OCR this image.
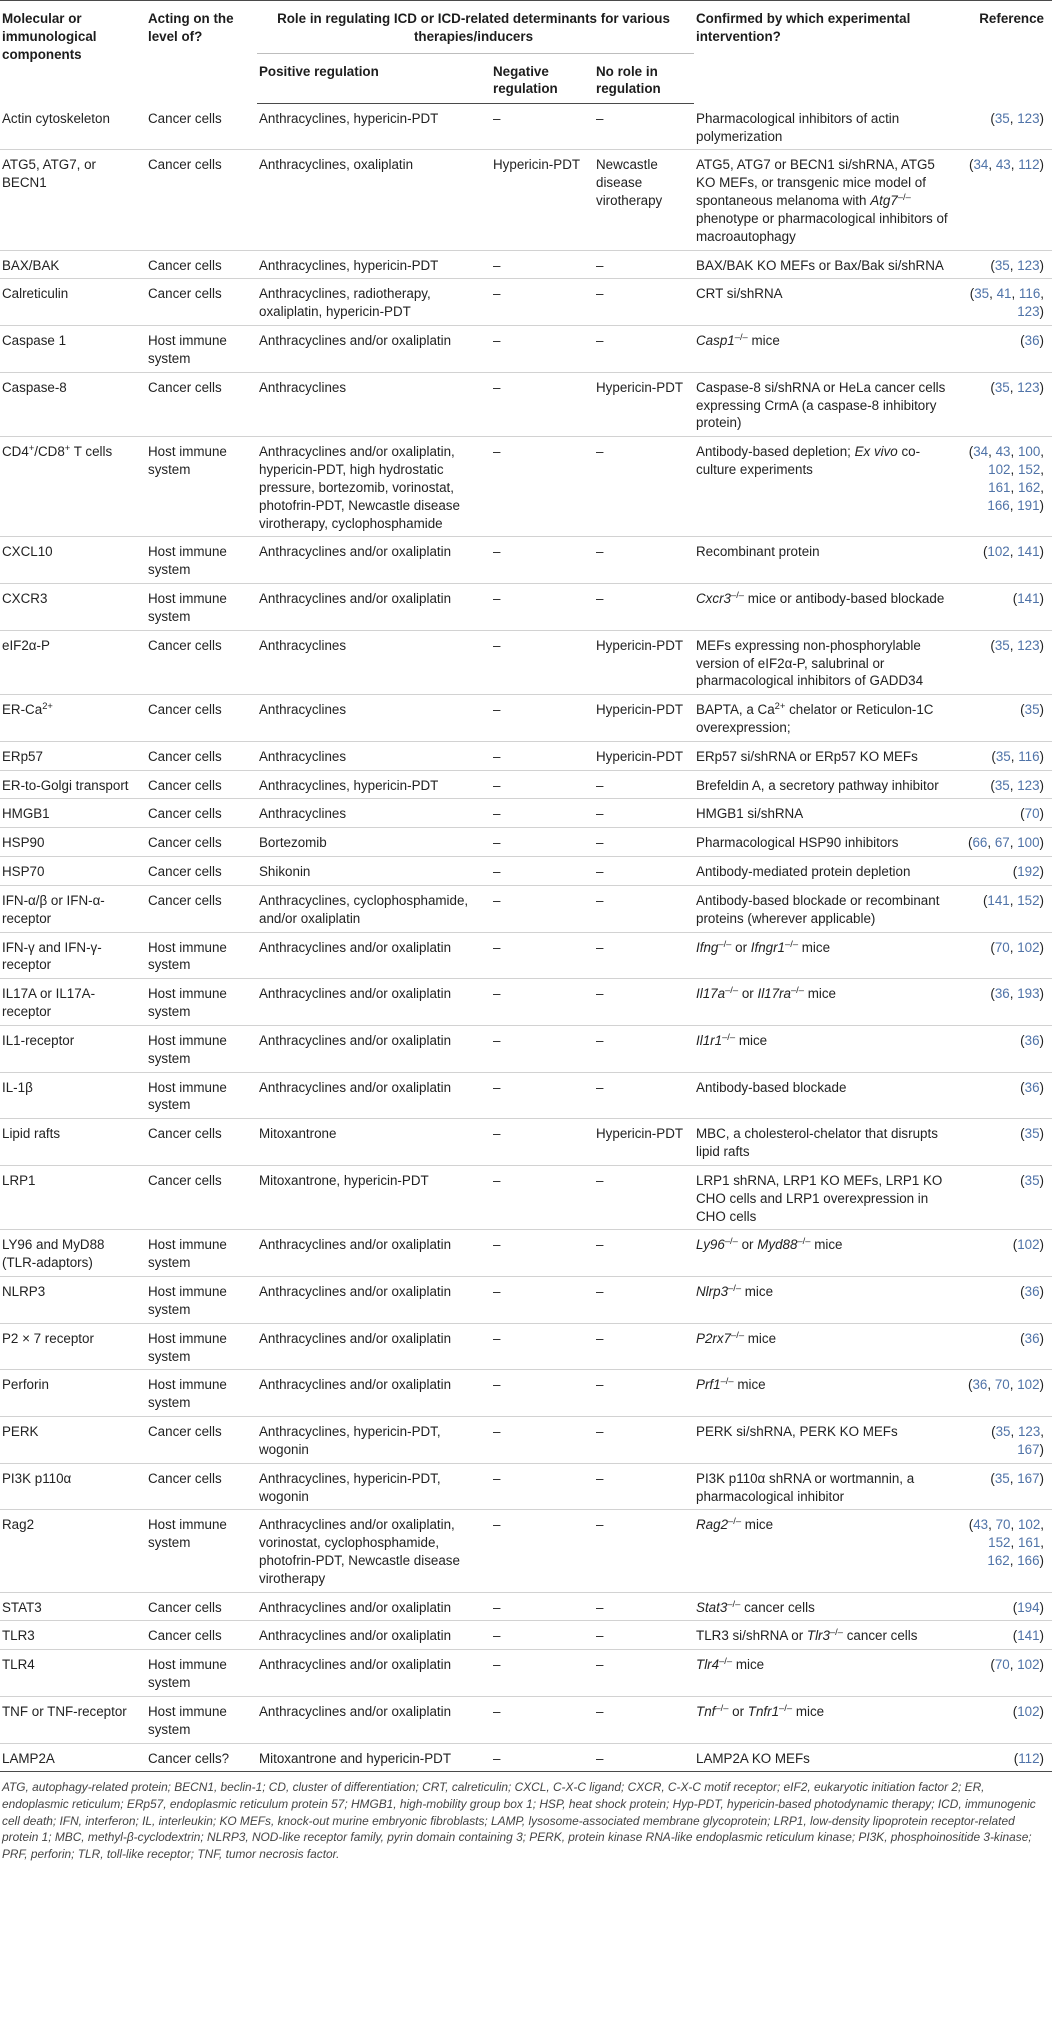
Molecular or immunological components	Acting on the level of?	Role in regulating ICD or ICD-related determinants for various therapies/inducers			Confirmed by which experimental intervention?	Reference
		Positive regulation	Negative regulation	No role in regulation		
Actin cytoskeleton	Cancer cells	Anthracyclines, hypericin-PDT	–	–	Pharmacological inhibitors of actin polymerization	(35, 123)
ATG5, ATG7, or BECN1	Cancer cells	Anthracyclines, oxaliplatin	Hypericin-PDT	Newcastle disease virotherapy	ATG5, ATG7 or BECN1 si/shRNA, ATG5 KO MEFs, or transgenic mice model of spontaneous melanoma with Atg7–/– phenotype or pharmacological inhibitors of macroautophagy	(34, 43, 112)
BAX/BAK	Cancer cells	Anthracyclines, hypericin-PDT	–	–	BAX/BAK KO MEFs or Bax/Bak si/shRNA	(35, 123)
Calreticulin	Cancer cells	Anthracyclines, radiotherapy, oxaliplatin, hypericin-PDT	–	–	CRT si/shRNA	(35, 41, 116, 123)
Caspase 1	Host immune system	Anthracyclines and/or oxaliplatin	–	–	Casp1–/– mice	(36)
Caspase-8	Cancer cells	Anthracyclines	–	Hypericin-PDT	Caspase-8 si/shRNA or HeLa cancer cells expressing CrmA (a caspase-8 inhibitory protein)	(35, 123)
CD4+/CD8+ T cells	Host immune system	Anthracyclines and/or oxaliplatin, hypericin-PDT, high hydrostatic pressure, bortezomib, vorinostat, photofrin-PDT, Newcastle disease virotherapy, cyclophosphamide	–	–	Antibody-based depletion; Ex vivo co-culture experiments	(34, 43, 100, 102, 152, 161, 162, 166, 191)
CXCL10	Host immune system	Anthracyclines and/or oxaliplatin	–	–	Recombinant protein	(102, 141)
CXCR3	Host immune system	Anthracyclines and/or oxaliplatin	–	–	Cxcr3–/– mice or antibody-based blockade	(141)
eIF2α-P	Cancer cells	Anthracyclines	–	Hypericin-PDT	MEFs expressing non-phosphorylable version of eIF2α-P, salubrinal or pharmacological inhibitors of GADD34	(35, 123)
$ER-Ca^{2+}$	Cancer cells	Anthracyclines	–	Hypericin-PDT	BAPTA, a $Ca^{2+}$ chelator or Reticulon-1C overexpression;	(35)
ERp57	Cancer cells	Anthracyclines	–	Hypericin-PDT	ERp57 si/shRNA or ERp57 KO MEFs	(35, 116)
ER-to-Golgi transport	Cancer cells	Anthracyclines, hypericin-PDT	–	–	Brefeldin A, a secretory pathway inhibitor	(35, 123)
HMGB1	Cancer cells	Anthracyclines	–	–	HMGB1 si/shRNA	(70)
HSP90	Cancer cells	Bortezomib	–	–	Pharmacological HSP90 inhibitors	(66, 67, 100)
HSP70	Cancer cells	Shikonin	–	–	Antibody-mediated protein depletion	(192)
IFN-α/β or IFN-α-receptor	Cancer cells	Anthracyclines, cyclophosphamide, and/or oxaliplatin	–	–	Antibody-based blockade or recombinant proteins (wherever applicable)	(141, 152)
IFN-γ and IFN-γ-receptor	Host immune system	Anthracyclines and/or oxaliplatin	–	–	Ifng–/– or Ifngr1–/– mice	(70, 102)
IL17A or IL17A-receptor	Host immune system	Anthracyclines and/or oxaliplatin	–	–	Il17a–/– or Il17ra–/– mice	(36, 193)
IL1-receptor	Host immune system	Anthracyclines and/or oxaliplatin	–	–	Il1r1–/– mice	(36)
IL-1β	Host immune system	Anthracyclines and/or oxaliplatin	–	–	Antibody-based blockade	(36)
Lipid rafts	Cancer cells	Mitoxantrone	–	Hypericin-PDT	MBC, a cholesterol-chelator that disrupts lipid rafts	(35)
LRP1	Cancer cells	Mitoxantrone, hypericin-PDT	–	–	LRP1 shRNA, LRP1 KO MEFs, LRP1 KO CHO cells and LRP1 overexpression in CHO cells	(35)
LY96 and MyD88 (TLR-adaptors)	Host immune system	Anthracyclines and/or oxaliplatin	–	–	Ly96–/– or Myd88–/– mice	(102)
NLRP3	Host immune system	Anthracyclines and/or oxaliplatin	–	–	Nlrp3–/– mice	(36)
P2 × 7 receptor	Host immune system	Anthracyclines and/or oxaliplatin	–	–	P2rx7–/– mice	(36)
Perforin	Host immune system	Anthracyclines and/or oxaliplatin	–	–	Prf1–/– mice	(36, 70, 102)
PERK	Cancer cells	Anthracyclines, hypericin-PDT, wogonin	–	–	PERK si/shRNA, PERK KO MEFs	(35, 123, 167)
PI3K p110α	Cancer cells	Anthracyclines, hypericin-PDT, wogonin	–	–	PI3K p110α shRNA or wortmannin, a pharmacological inhibitor	(35, 167)
Rag2	Host immune system	Anthracyclines and/or oxaliplatin, vorinostat, cyclophosphamide, photofrin-PDT, Newcastle disease virotherapy	–	–	Rag2–/– mice	(43, 70, 102, 152, 161, 162, 166)
STAT3	Cancer cells	Anthracyclines and/or oxaliplatin	–	–	Stat3–/– cancer cells	(194)
TLR3	Cancer cells	Anthracyclines and/or oxaliplatin	–	–	TLR3 si/shRNA or Tlr3–/– cancer cells	(141)
TLR4	Host immune system	Anthracyclines and/or oxaliplatin	–	–	Tlr4–/– mice	(70, 102)
TNF or TNF-receptor	Host immune system	Anthracyclines and/or oxaliplatin	–	–	Tnf–/– or Tnfr1–/– mice	(102)
LAMP2A	Cancer cells?	Mitoxantrone and hypericin-PDT	–	–	LAMP2A KO MEFs	(112)
ATG, autophagy-related protein; BECN1, beclin-1; CD, cluster of differentiation; CRT, calreticulin; CXCL, C-X-C ligand; CXCR, C-X-C motif receptor; eIF2, eukaryotic initiation factor 2; ER, endoplasmic reticulum; ERp57, endoplasmic reticulum protein 57; HMGB1, high-mobility group box 1; HSP, heat shock protein; Hyp-PDT, hypericin-based photodynamic therapy; ICD, immunogenic cell death; IFN, interferon; IL, interleukin; KO MEFs, knock-out murine embryonic fibroblasts; LAMP, lysosome-associated membrane glycoprotein; LRP1, low-density lipoprotein receptor-related protein 1; MBC, methyl-β-cyclodextrin; NLRP3, NOD-like receptor family, pyrin domain containing 3; PERK, protein kinase RNA-like endoplasmic reticulum kinase; PI3K, phosphoinositide 3-kinase; PRF, perforin; TLR, toll-like receptor; TNF, tumor necrosis factor.
